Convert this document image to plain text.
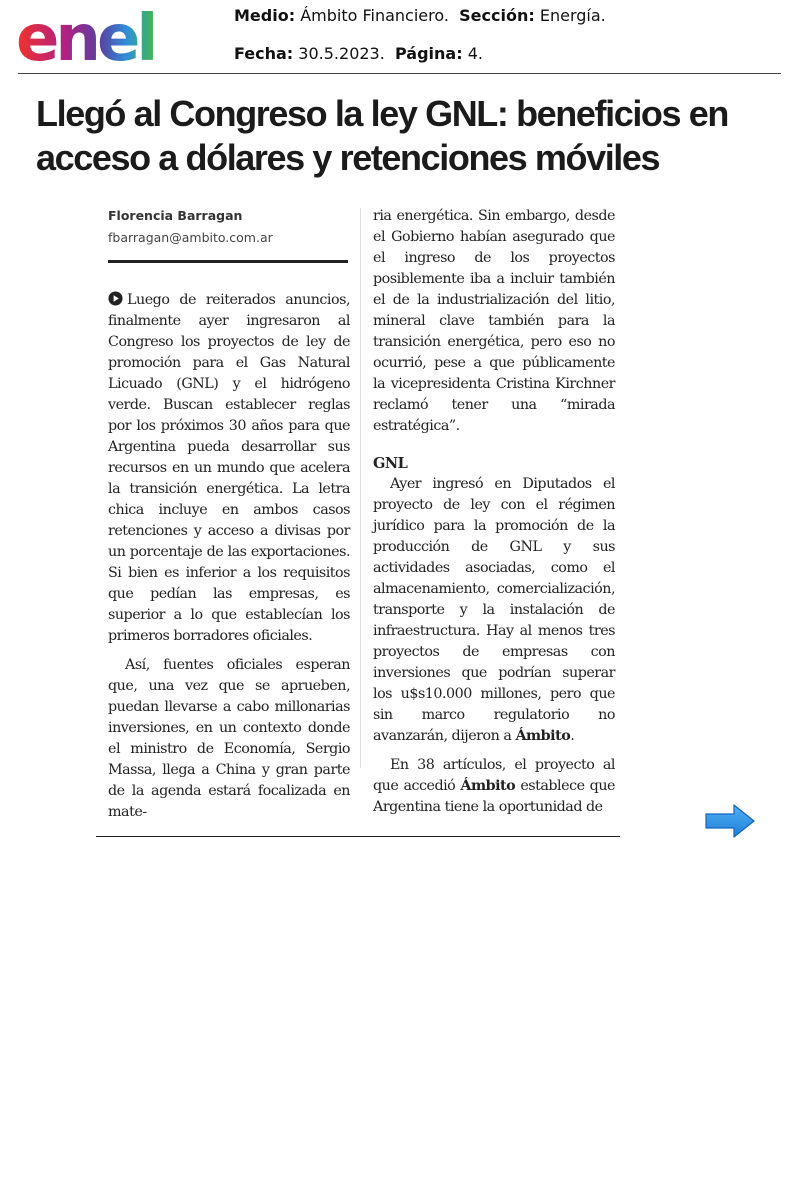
enel	Medio: Ámbito Financiero. Sección: Energía.
Fecha: 30.5.2023. Página: 4.
Llegó al Congreso la ley GNL: beneficios en acceso a dólares y retenciones móviles
Florencia Barragan
fbarragan@ambito.com.ar

Luego de reiterados anuncios, finalmente ayer ingresaron al Congreso los proyectos de ley de promoción para el Gas Natural Licuado (GNL) y el hidrógeno verde. Buscan establecer reglas por los próximos 30 años para que Argentina pueda desarrollar sus recursos en un mundo que acelera la transición energética. La letra chica incluye en ambos casos retenciones y acceso a divisas por un porcentaje de las exportaciones. Si bien es inferior a los requisitos que pedían las empresas, es superior a lo que establecían los primeros borradores oficiales.

Así, fuentes oficiales esperan que, una vez que se aprueben, puedan llevarse a cabo millonarias inversiones, en un contexto donde el ministro de Economía, Sergio Massa, llega a China y gran parte de la agenda estará focalizada en mate-

ria energética. Sin embargo, desde el Gobierno habían asegurado que el ingreso de los proyectos posiblemente iba a incluir también el de la industrialización del litio, mineral clave también para la transición energética, pero eso no ocurrió, pese a que públicamente la vicepresidenta Cristina Kirchner reclamó tener una “mirada estratégica”.

GNL

Ayer ingresó en Diputados el proyecto de ley con el régimen jurídico para la promoción de la producción de GNL y sus actividades asociadas, como el almacenamiento, comercialización, transporte y la instalación de infraestructura. Hay al menos tres proyectos de empresas con inversiones que podrían superar los u$s10.000 millones, pero que sin marco regulatorio no avanzarán, dijeron a Ámbito.

En 38 artículos, el proyecto al que accedió Ámbito establece que Argentina tiene la oportunidad de
